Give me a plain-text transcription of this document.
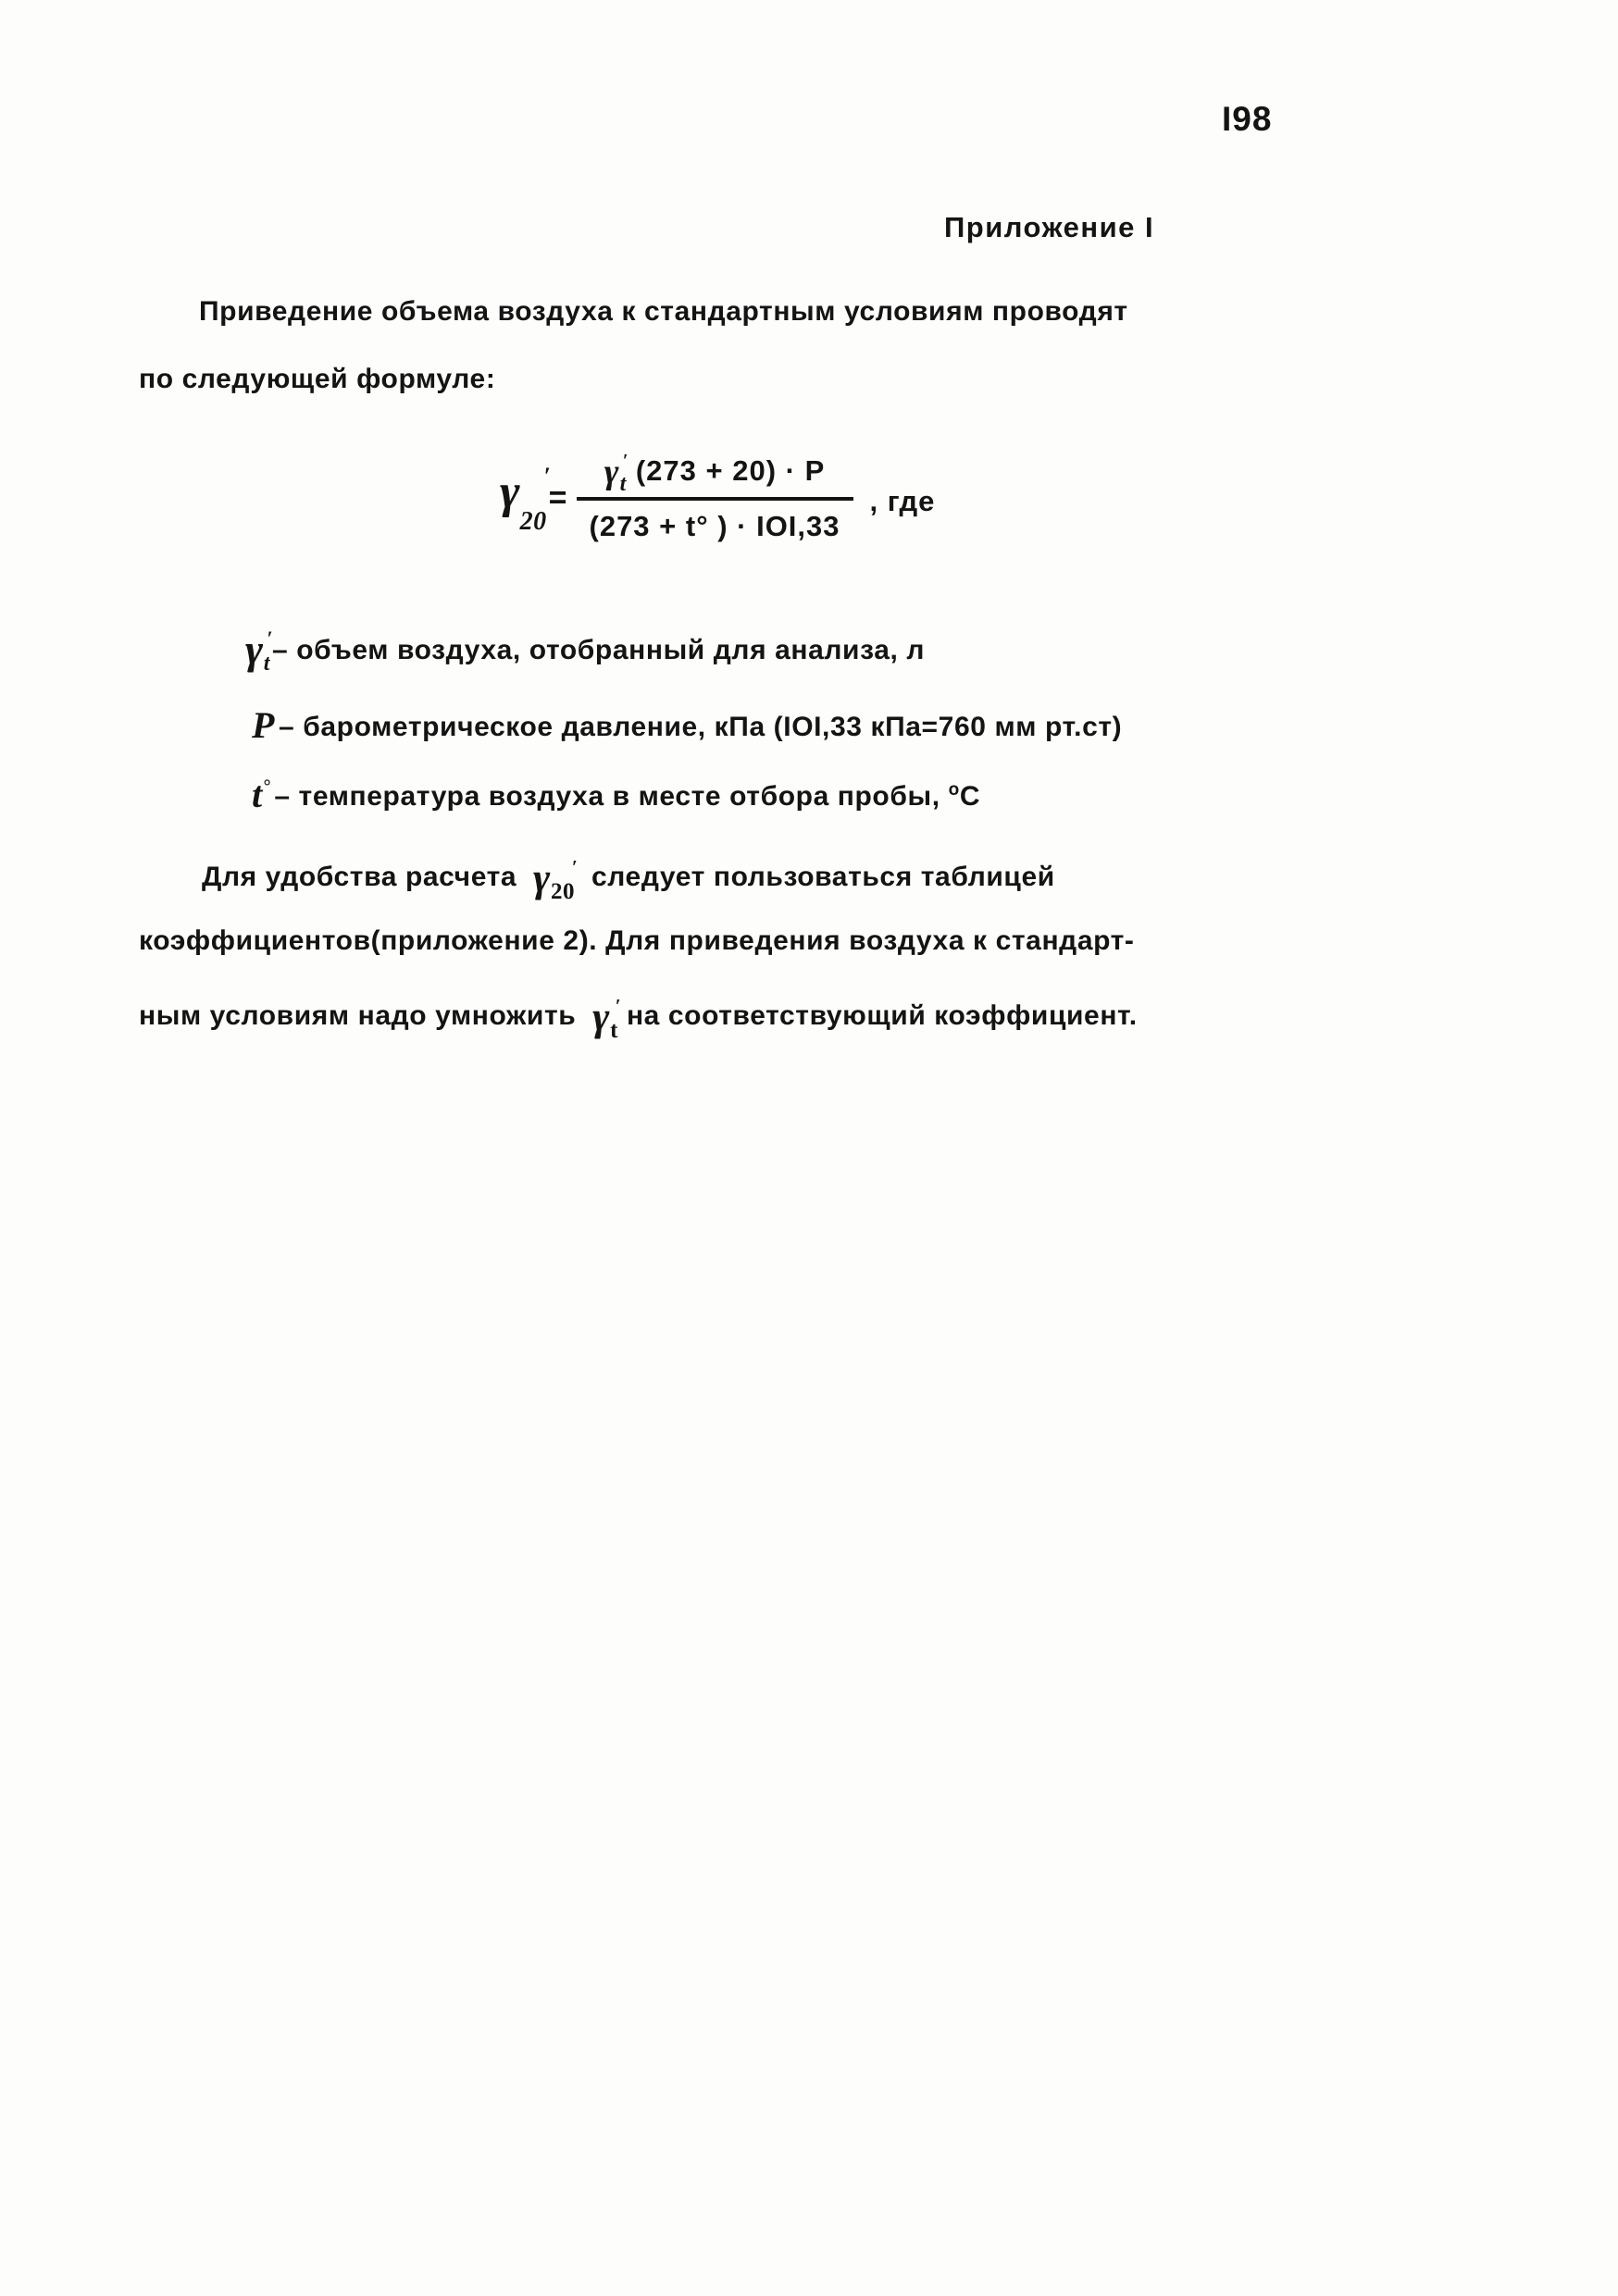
I98
Приложение I
Приведение объема воздуха к стандартным условиям проводят
по следующей формуле:
γ ′
$_{20}$
= γ ′
$_t$ (273 + 20) · P
(273 + t° ) · IOI,33 , где
γ ′
t – объем воздуха, отобранный для анализа, л
P – барометрическое давление, кПа (IOI,33 кПа=760 мм рт.ст)
t° – температура воздуха в месте отбора пробы, $^o$C
Для удобства расчета
γ ′
20
следует пользоваться таблицей
коэффициентов(приложение 2). Для приведения воздуха к стандарт-
ным условиям надо умножить
γ ′
t
на соответствующий коэффициент.
